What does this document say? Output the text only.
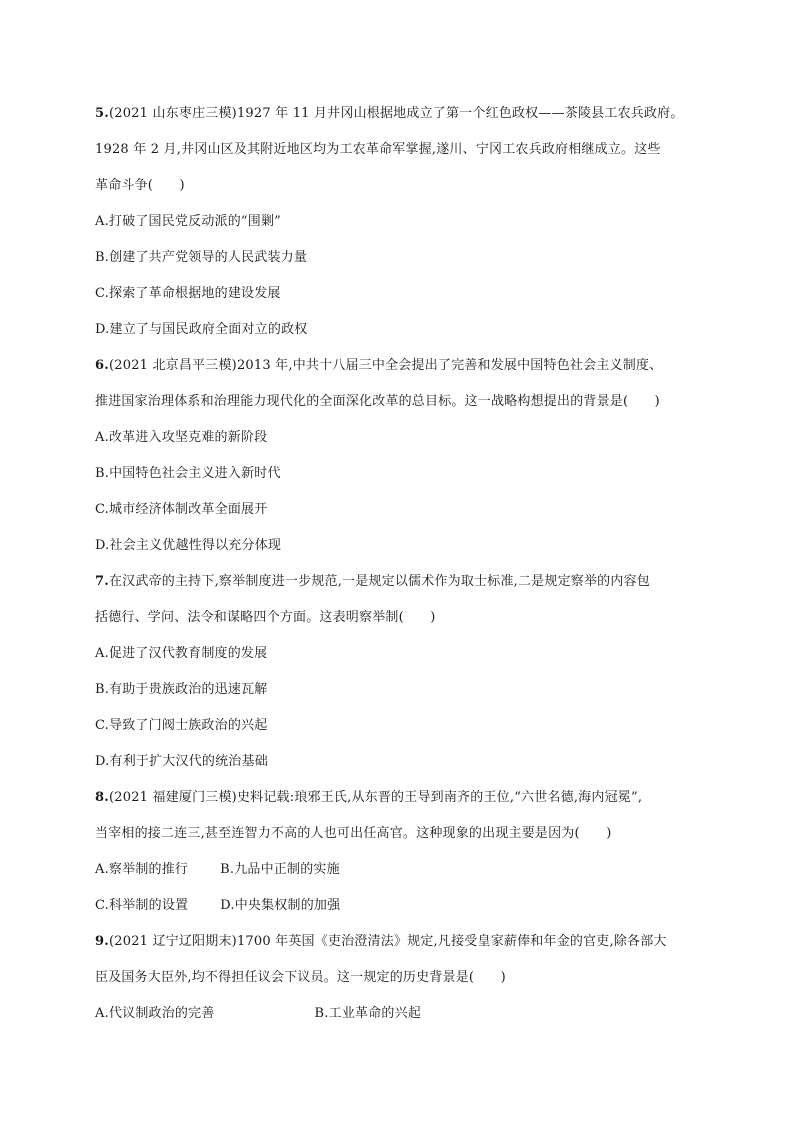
5.(2021 山东枣庄三模)1927 年 11 月井冈山根据地成立了第一个红色政权——茶陵县工农兵政府。
1928 年 2 月,井冈山区及其附近地区均为工农革命军掌握,遂川、宁冈工农兵政府相继成立。这些
革命斗争(　　)
A.打破了国民党反动派的“围剿”
B.创建了共产党领导的人民武装力量
C.探索了革命根据地的建设发展
D.建立了与国民政府全面对立的政权
6.(2021 北京昌平三模)2013 年,中共十八届三中全会提出了完善和发展中国特色社会主义制度、
推进国家治理体系和治理能力现代化的全面深化改革的总目标。这一战略构想提出的背景是(　　)
A.改革进入攻坚克难的新阶段
B.中国特色社会主义进入新时代
C.城市经济体制改革全面展开
D.社会主义优越性得以充分体现
7.在汉武帝的主持下,察举制度进一步规范,一是规定以儒术作为取士标准,二是规定察举的内容包
括德行、学问、法令和谋略四个方面。这表明察举制(　　)
A.促进了汉代教育制度的发展
B.有助于贵族政治的迅速瓦解
C.导致了门阀士族政治的兴起
D.有利于扩大汉代的统治基础
8.(2021 福建厦门三模)史料记载:琅邪王氏,从东晋的王导到南齐的王位,“六世名德,海内冠冕”,
当宰相的接二连三,甚至连智力不高的人也可出任高官。这种现象的出现主要是因为(　　)
A.察举制的推行 B.九品中正制的实施
C.科举制的设置 D.中央集权制的加强
9.(2021 辽宁辽阳期末)1700 年英国《吏治澄清法》规定,凡接受皇家薪俸和年金的官吏,除各部大
臣及国务大臣外,均不得担任议会下议员。这一规定的历史背景是(　　)
A.代议制政治的完善	B.工业革命的兴起
